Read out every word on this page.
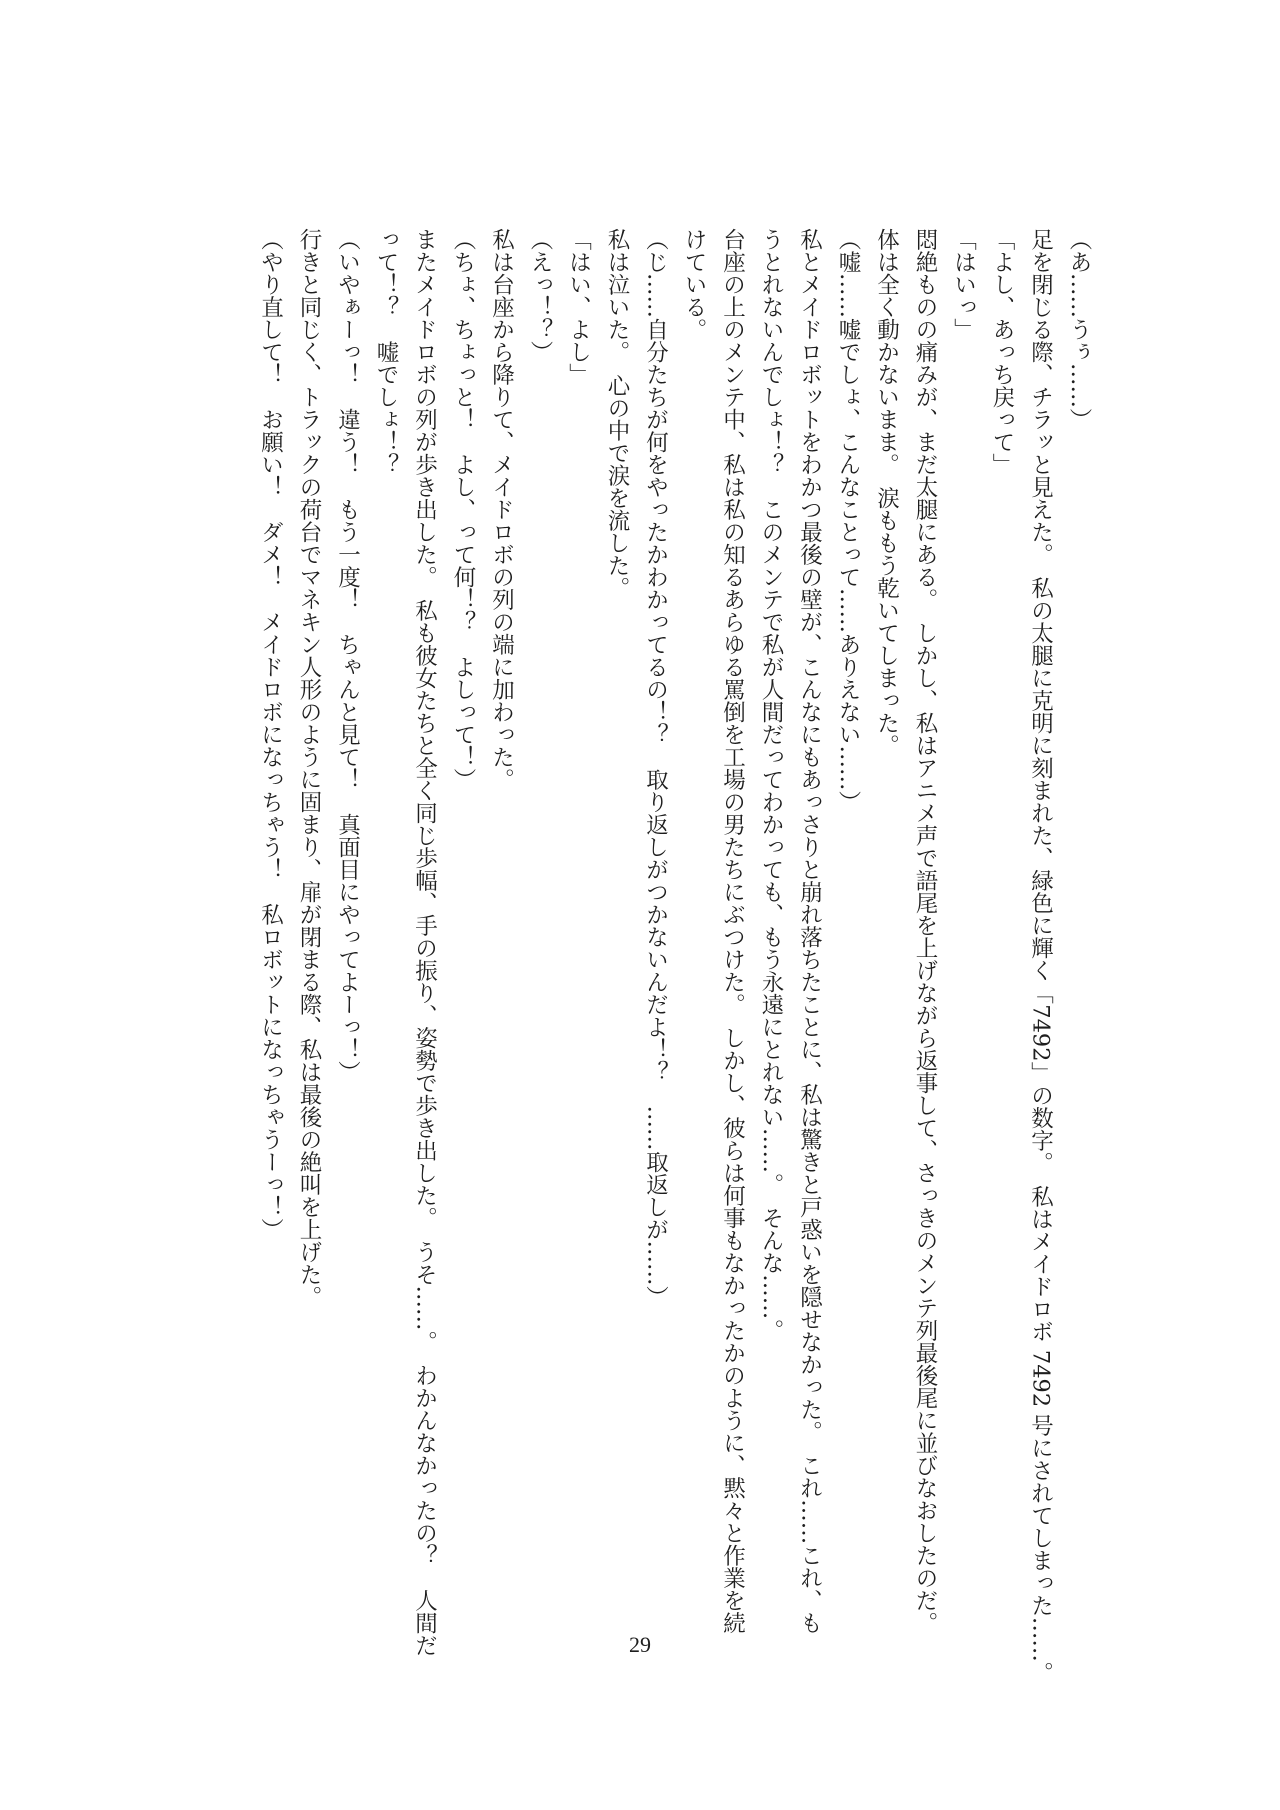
（あ……うぅ……）
足を閉じる際、チラッと見えた。　私の太腿に克明に刻まれた、緑色に輝く「7492」の数字。　私はメイドロボ 7492 号にされてしまった……。
「よし、あっち戻って」
「はいっ」
悶絶ものの痛みが、まだ太腿にある。　しかし、私はアニメ声で語尾を上げながら返事して、さっきのメンテ列最後尾に並びなおしたのだ。
体は全く動かないまま。　涙ももう乾いてしまった。
（嘘……嘘でしょ、こんなことって……ありえない……）
私とメイドロボットをわかつ最後の壁が、こんなにもあっさりと崩れ落ちたことに、私は驚きと戸惑いを隠せなかった。　これ……これ、も
うとれないんでしょ！？　このメンテで私が人間だってわかっても、もう永遠にとれない……。　そんな……。
台座の上のメンテ中、私は私の知るあらゆる罵倒を工場の男たちにぶつけた。　しかし、彼らは何事もなかったかのように、黙々と作業を続
けている。
（じ……自分たちが何をやったかわかってるの！？　取り返しがつかないんだよ！？　……取返しが……）
私は泣いた。　心の中で涙を流した。
「はい、よし」
（えっ！？）
私は台座から降りて、メイドロボの列の端に加わった。
（ちょ、ちょっと！　よし、って何！？　よしって！）
またメイドロボの列が歩き出した。　私も彼女たちと全く同じ歩幅、手の振り、姿勢で歩き出した。　うそ……。　わかんなかったの？　人間だ
って！？　嘘でしょ！？
（いやぁーっ！　違う！　もう一度！　ちゃんと見て！　真面目にやってよーっ！）
行きと同じく、トラックの荷台でマネキン人形のように固まり、扉が閉まる際、私は最後の絶叫を上げた。
（やり直して！　お願い！　ダメ！　メイドロボになっちゃう！　私ロボットになっちゃうーっ！）
29
